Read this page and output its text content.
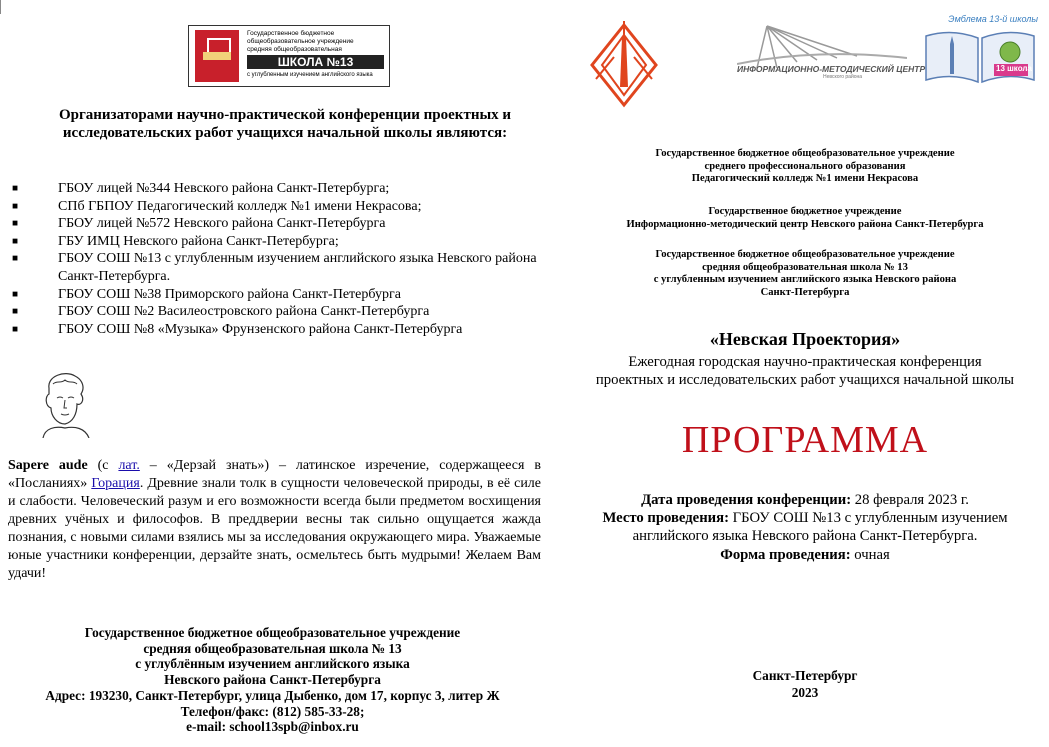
Государственное бюджетное
общеобразовательное учреждение
средняя общеобразовательная
ШКОЛА №13
с углубленным изучением английского языка
Организаторами научно-практической конференции проектных и исследовательских работ учащихся начальной школы являются:
■	ГБОУ лицей №344 Невского района Санкт-Петербурга;
■	СПб ГБПОУ Педагогический колледж №1 имени Некрасова;
■	ГБОУ лицей №572 Невского района Санкт-Петербурга
■	ГБУ ИМЦ Невского района Санкт-Петербурга;
■	ГБОУ СОШ №13 с углубленным изучением английского языка Невского района Санкт-Петербурга.
■	ГБОУ СОШ №38 Приморского района Санкт-Петербурга
■	ГБОУ СОШ №2 Василеостровского района Санкт-Петербурга
■	ГБОУ СОШ №8 «Музыка» Фрунзенского района Санкт-Петербурга
Sapere aude (с лат. – «Дерзай знать») – латинское изречение, содержащееся в «Посланиях» Горация. Древние знали толк в сущности человеческой природы, в её силе и слабости. Человеческий разум и его возможности всегда были предметом восхищения древних учёных и философов. В преддверии весны так сильно ощущается жажда познания, с новыми силами взялись мы за исследования окружающего мира. Уважаемые юные участники конференции, дерзайте знать, осмельтесь быть мудрыми! Желаем Вам удачи!
Государственное бюджетное общеобразовательное учреждение
средняя общеобразовательная школа № 13
с углублённым изучением английского языка
Невского района Санкт-Петербурга
Адрес: 193230, Санкт-Петербург, улица Дыбенко, дом 17, корпус 3, литер Ж
Телефон/факс: (812) 585-33-28;
e-mail: school13spb@inbox.ru
ИНФОРМАЦИОННО-МЕТОДИЧЕСКИЙ ЦЕНТР
Невского района
Эмблема 13-й школы
13 школа
Государственное бюджетное общеобразовательное учреждение
среднего профессионального образования
Педагогический колледж №1 имени Некрасова
Государственное бюджетное учреждение
Информационно-методический центр Невского района Санкт-Петербурга
Государственное бюджетное общеобразовательное учреждение
средняя общеобразовательная школа № 13
с углубленным изучением английского языка Невского района
Санкт-Петербурга
«Невская Проектория»
Ежегодная городская научно-практическая конференция
проектных и исследовательских работ учащихся начальной школы
ПРОГРАММА
Дата проведения конференции: 28 февраля 2023 г.
Место проведения: ГБОУ СОШ №13 с углубленным изучением английского языка Невского района Санкт-Петербурга.
Форма проведения: очная
Санкт-Петербург
2023
